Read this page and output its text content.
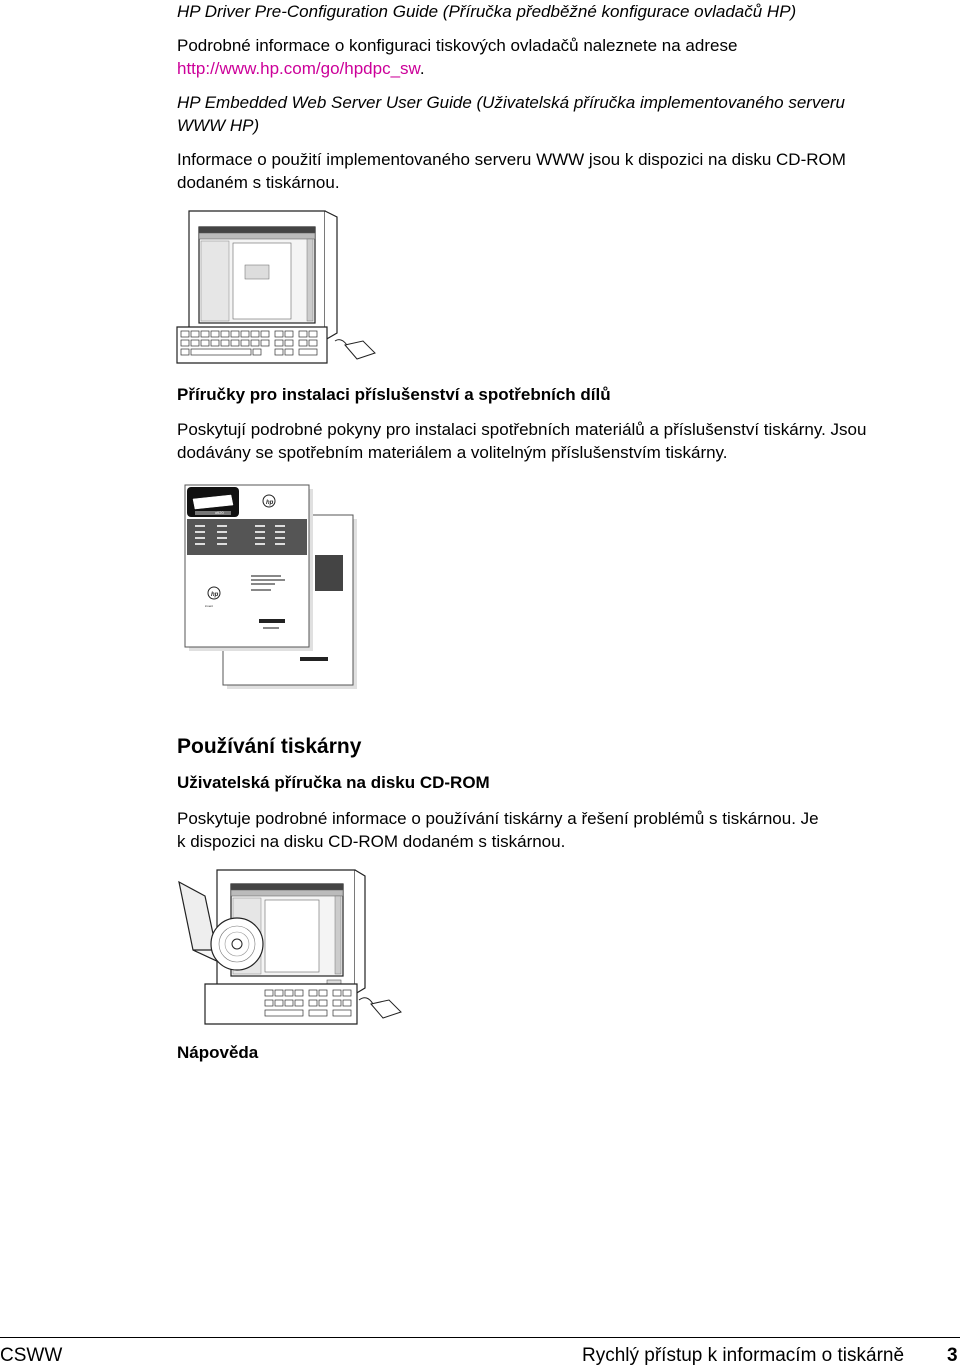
HP Driver Pre-Configuration Guide (Příručka předběžné konfigurace ovladačů HP)
Podrobné informace o konfiguraci tiskových ovladačů naleznete na adrese
http://www.hp.com/go/hpdpc_sw.
HP Embedded Web Server User Guide (Uživatelská příručka implementovaného serveru
WWW HP)
Informace o použití implementovaného serveru WWW jsou k dispozici na disku CD-ROM
dodaném s tiskárnou.
Příručky pro instalaci příslušenství a spotřebních dílů
Poskytují podrobné pokyny pro instalaci spotřebních materiálů a příslušenství tiskárny. Jsou
dodávány se spotřebním materiálem a volitelným příslušenstvím tiskárny.
otl20
hp
hp
invent
Používání tiskárny
Uživatelská příručka na disku CD-ROM
Poskytuje podrobné informace o používání tiskárny a řešení problémů s tiskárnou. Je
k dispozici na disku CD-ROM dodaném s tiskárnou.
Nápověda
CSWW	Rychlý přístup k informacím o tiskárně 3
